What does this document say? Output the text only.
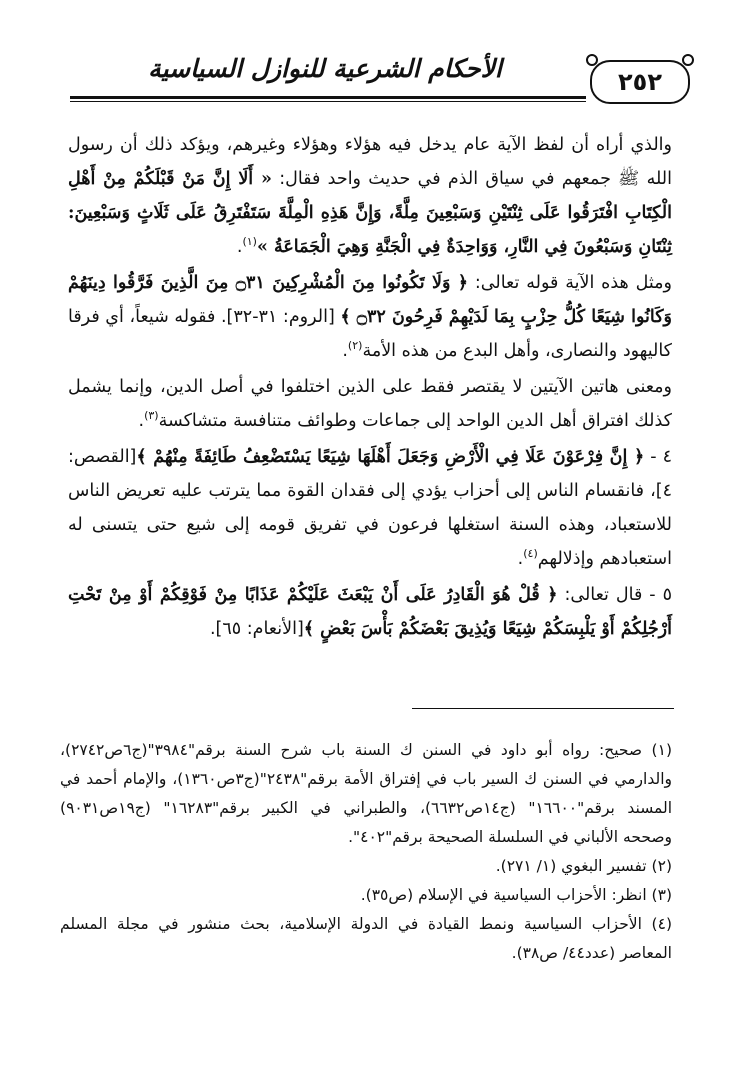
٢٥٢
الأحكام الشرعية للنوازل السياسية

والذي أراه أن لفظ الآية عام يدخل فيه هؤلاء وهؤلاء وغيرهم، ويؤكد ذلك أن رسول الله ﷺ جمعهم في سياق الذم في حديث واحد فقال: « أَلَا إِنَّ مَنْ قَبْلَكُمْ مِنْ أَهْلِ الْكِتَابِ افْتَرَقُوا عَلَى ثِنْتَيْنِ وَسَبْعِينَ مِلَّةً، وَإِنَّ هَذِهِ الْمِلَّةَ سَتَفْتَرِقُ عَلَى ثَلَاثٍ وَسَبْعِينَ: ثِنْتَانِ وَسَبْعُونَ فِي النَّارِ، وَوَاحِدَةٌ فِي الْجَنَّةِ وَهِيَ الْجَمَاعَةُ »$^{(١)}$.

ومثل هذه الآية قوله تعالى: ﴿ وَلَا تَكُونُوا مِنَ الْمُشْرِكِينَ ۝٣١ مِنَ الَّذِينَ فَرَّقُوا دِينَهُمْ وَكَانُوا شِيَعًا كُلُّ حِزْبٍ بِمَا لَدَيْهِمْ فَرِحُونَ ۝٣٢ ﴾ [الروم: ٣١-٣٢]. فقوله شيعاً، أي فرقا كاليهود والنصارى، وأهل البدع من هذه الأمة$^{(٢)}$.

ومعنى هاتين الآيتين لا يقتصر فقط على الذين اختلفوا في أصل الدين، وإنما يشمل كذلك افتراق أهل الدين الواحد إلى جماعات وطوائف متنافسة متشاكسة$^{(٣)}$.

٤ - ﴿ إِنَّ فِرْعَوْنَ عَلَا فِي الْأَرْضِ وَجَعَلَ أَهْلَهَا شِيَعًا يَسْتَضْعِفُ طَائِفَةً مِنْهُمْ ﴾[القصص: ٤]، فانقسام الناس إلى أحزاب يؤدي إلى فقدان القوة مما يترتب عليه تعريض الناس للاستعباد، وهذه السنة استغلها فرعون في تفريق قومه إلى شيع حتى يتسنى له استعبادهم وإذلالهم$^{(٤)}$.

٥ - قال تعالى: ﴿ قُلْ هُوَ الْقَادِرُ عَلَى أَنْ يَبْعَثَ عَلَيْكُمْ عَذَابًا مِنْ فَوْقِكُمْ أَوْ مِنْ تَحْتِ أَرْجُلِكُمْ أَوْ يَلْبِسَكُمْ شِيَعًا وَيُذِيقَ بَعْضَكُمْ بَأْسَ بَعْضٍ ﴾[الأنعام: ٦٥].

(١) صحيح: رواه أبو داود في السنن ك السنة باب شرح السنة برقم"٣٩٨٤"(ج٦ص٢٧٤٢)، والدارمي في السنن ك السير باب في إفتراق الأمة برقم"٢٤٣٨"(ج٣ص١٣٦٠)، والإمام أحمد في المسند برقم"١٦٦٠٠" (ج١٤ص٦٦٣٢)، والطبراني في الكبير برقم"١٦٢٨٣" (ج١٩ص٩٠٣١) وصححه الألباني في السلسلة الصحيحة برقم"٤٠٢".

(٢) تفسير البغوي (١/ ٢٧١).

(٣) انظر: الأحزاب السياسية في الإسلام (ص٣٥).

(٤) الأحزاب السياسية ونمط القيادة في الدولة الإسلامية، بحث منشور في مجلة المسلم المعاصر (عدد٤٤/ ص٣٨).
